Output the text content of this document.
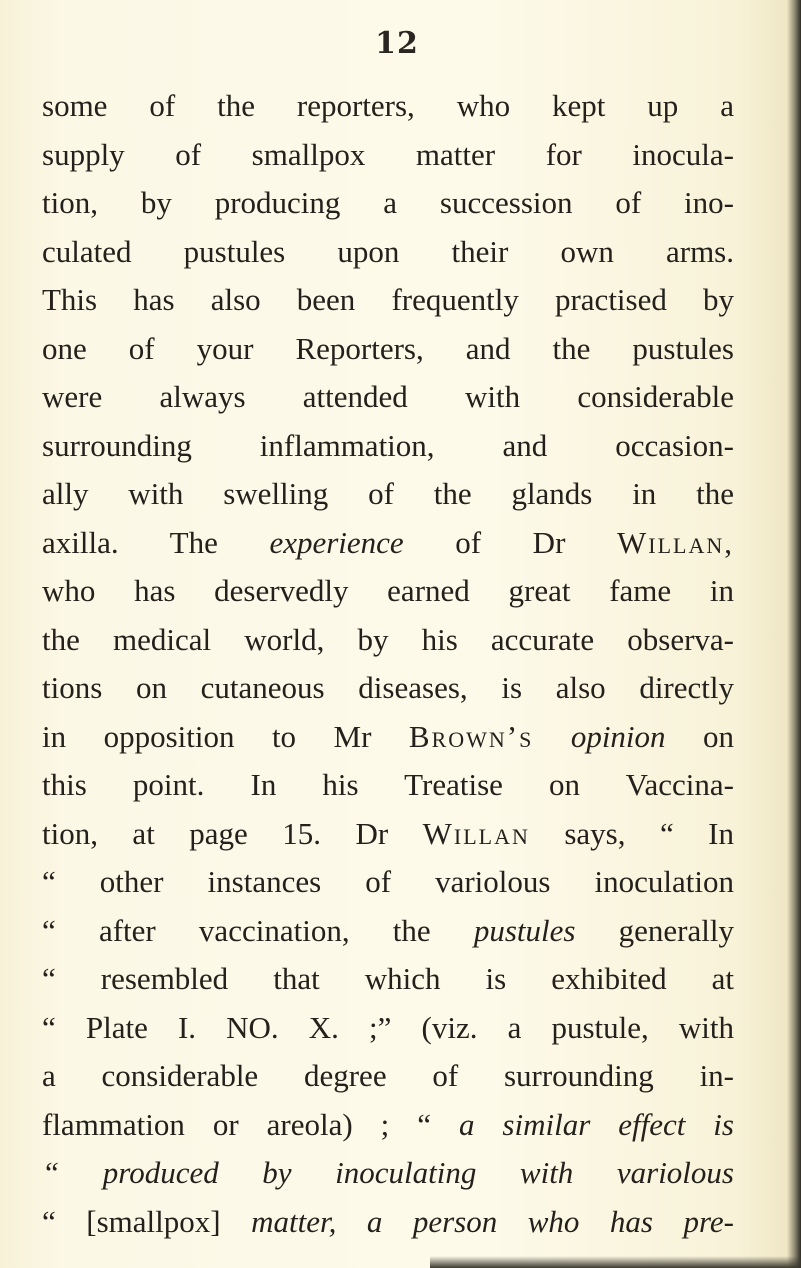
12
some of the reporters, who kept up a
supply of smallpox matter for inocula-
tion, by producing a succession of ino-
culated pustules upon their own arms.
This has also been frequently practised by
one of your Reporters, and the pustules
were always attended with considerable
surrounding inflammation, and occasion-
ally with swelling of the glands in the
axilla. The experience of Dr Willan,
who has deservedly earned great fame in
the medical world, by his accurate observa-
tions on cutaneous diseases, is also directly
in opposition to Mr Brown’s opinion on
this point. In his Treatise on Vaccina-
tion, at page 15. Dr Willan says, “ In
“ other instances of variolous inoculation
“ after vaccination, the pustules generally
“ resembled that which is exhibited at
“ Plate I. NO. X. ;” (viz. a pustule, with
a considerable degree of surrounding in-
flammation or areola) ; “ a similar effect is
“ produced by inoculating with variolous
“ [smallpox] matter, a person who has pre-
